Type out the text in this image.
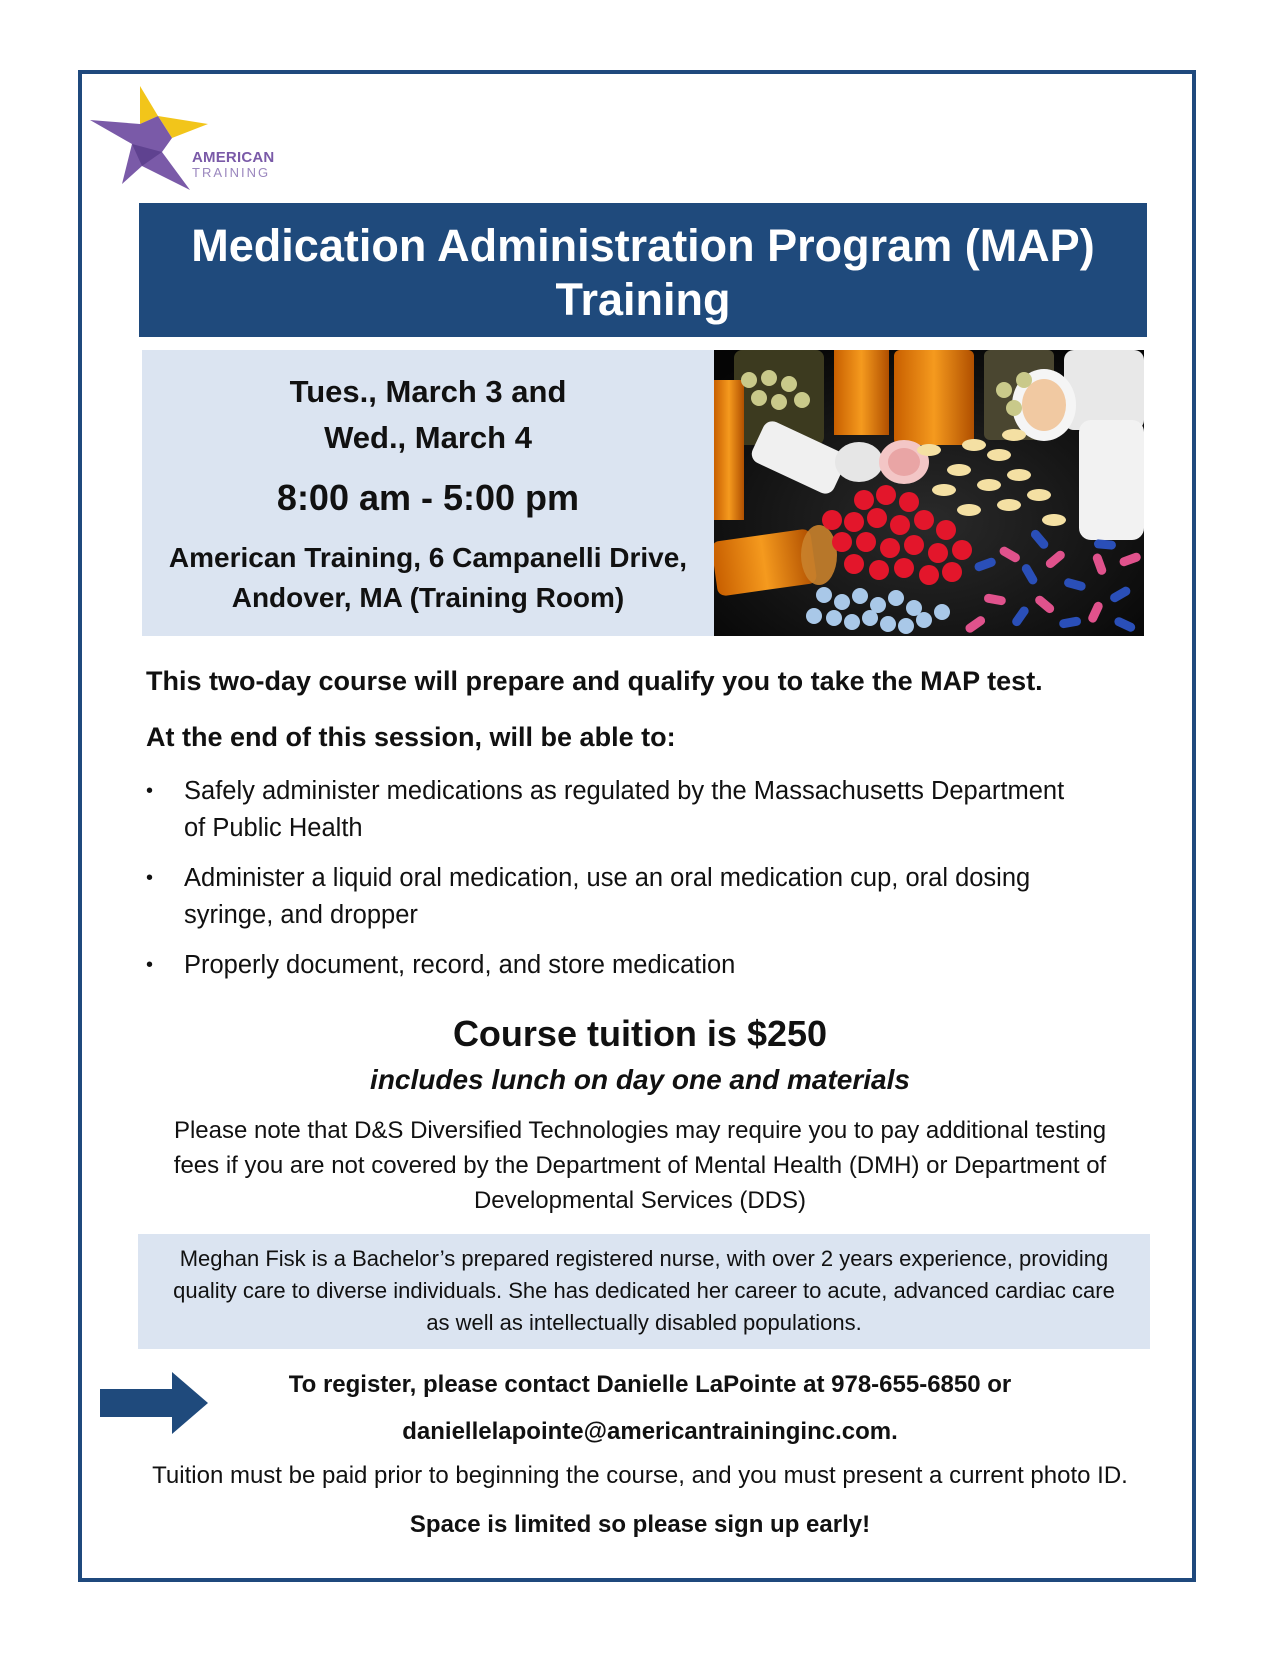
AMERICAN
TRAINING
Medication Administration Program (MAP)
Training
Tues., March 3 and
Wed., March 4
8:00 am - 5:00 pm
American Training, 6 Campanelli Drive,
Andover, MA (Training Room)
This two-day course will prepare and qualify you to take the MAP test.
At the end of this session, will be able to:
• Safely administer medications as regulated by the Massachusetts Department
of Public Health
• Administer a liquid oral medication, use an oral medication cup, oral dosing
syringe, and dropper
• Properly document, record, and store medication
Course tuition is $250
includes lunch on day one and materials
Please note that D&S Diversified Technologies may require you to pay additional testing
fees if you are not covered by the Department of Mental Health (DMH) or Department of
Developmental Services (DDS)
Meghan Fisk is a Bachelor’s prepared registered nurse, with over 2 years experience, providing
quality care to diverse individuals. She has dedicated her career to acute, advanced cardiac care
as well as intellectually disabled populations.
To register, please contact Danielle LaPointe at 978-655-6850 or
daniellelapointe@americantraininginc.com.
Tuition must be paid prior to beginning the course, and you must present a current photo ID.
Space is limited so please sign up early!
